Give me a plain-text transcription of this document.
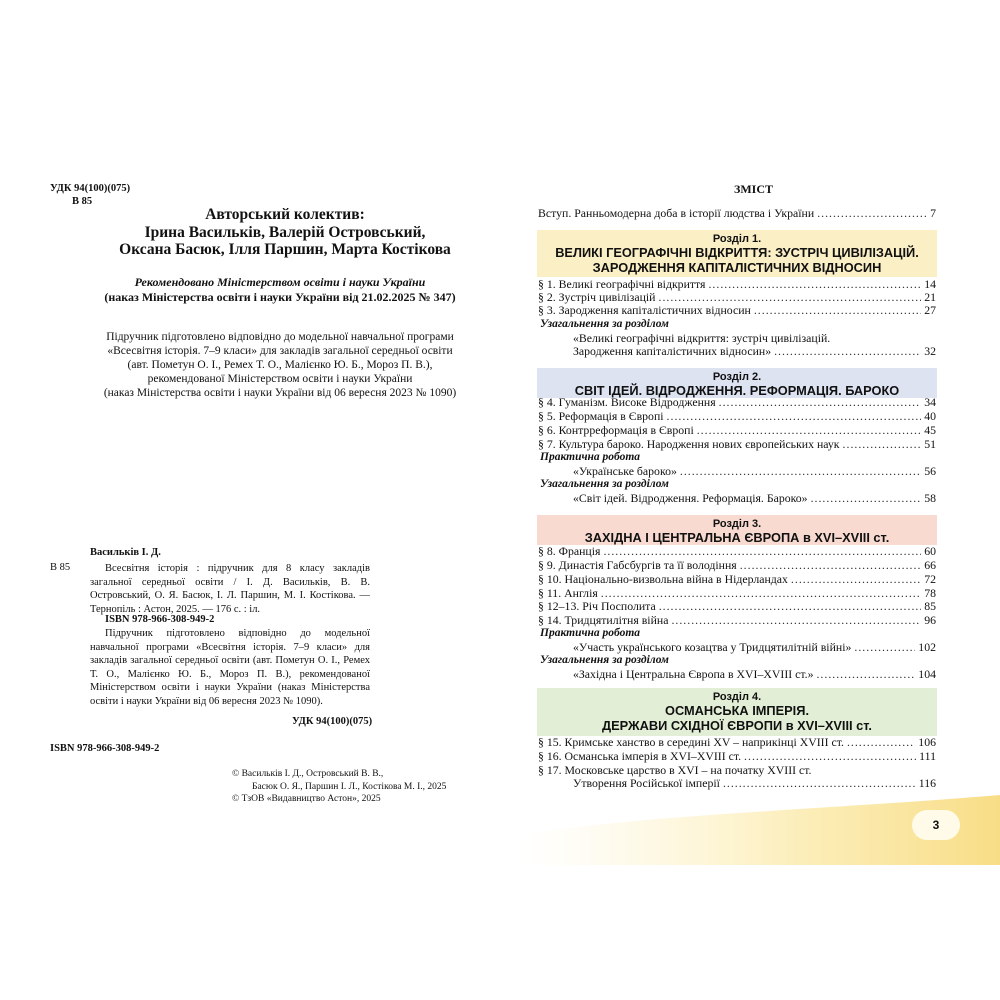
УДК 94(100)(075)
В 85
Авторський колектив:
Ірина Васильків, Валерій Островський,
Оксана Басюк, Ілля Паршин, Марта Костікова
Рекомендовано Міністерством освіти і науки України
(наказ Міністерства освіти і науки України від 21.02.2025 № 347)
Підручник підготовлено відповідно до модельної навчальної програми
«Всесвітня історія. 7–9 класи» для закладів загальної середньої освіти
(авт. Пометун О. І., Ремех Т. О., Малієнко Ю. Б., Мороз П. В.),
рекомендованої Міністерством освіти і науки України
(наказ Міністерства освіти і науки України від 06 вересня 2023 № 1090)
Васильків І. Д.
В 85	Всесвітня історія : підручник для 8 класу закладів загальної середньої освіти / І. Д. Васильків, В. В. Островський, О. Я. Басюк, І. Л. Паршин, М. І. Костікова. — Тернопіль : Астон, 2025. — 176 с. : іл.
ISBN 978-966-308-949-2
Підручник підготовлено відповідно до модельної навчальної програми «Всесвітня історія. 7–9 класи» для закладів загальної середньої освіти (авт. Пометун О. І., Ремех Т. О., Малієнко Ю. Б., Мороз П. В.), рекомендованої Міністерством освіти і науки України (наказ Міністерства освіти і науки України від 06 вересня 2023 № 1090).
УДК 94(100)(075)
ISBN 978-966-308-949-2
© Васильків І. Д., Островський В. В.,
Басюк О. Я., Паршин І. Л., Костікова М. І., 2025
© ТзОВ «Видавництво Астон», 2025
ЗМІСТ
Вступ. Ранньомодерна доба в історії людства і України .....	7
Розділ 1.
ВЕЛИКІ ГЕОГРАФІЧНІ ВІДКРИТТЯ: ЗУСТРІЧ ЦИВІЛІЗАЦІЙ.
ЗАРОДЖЕННЯ КАПІТАЛІСТИЧНИХ ВІДНОСИН
§ 1. Великі географічні відкриття .....	14
§ 2. Зустріч цивілізацій .....	21
§ 3. Зародження капіталістичних відносин .....	27
Узагальнення за розділом
«Великі географічні відкриття: зустріч цивілізацій.
Зародження капіталістичних відносин» .....	32
Розділ 2.
СВІТ ІДЕЙ. ВІДРОДЖЕННЯ. РЕФОРМАЦІЯ. БАРОКО
§ 4. Гуманізм. Високе Відродження .....	34
§ 5. Реформація в Європі .....	40
§ 6. Контрреформація в Європі .....	45
§ 7. Культура бароко. Народження нових європейських наук .....	51
Практична робота
«Українське бароко» .....	56
Узагальнення за розділом
«Світ ідей. Відродження. Реформація. Бароко» .....	58
Розділ 3.
ЗАХІДНА І ЦЕНТРАЛЬНА ЄВРОПА в XVI–XVIII ст.
§ 8. Франція .....	60
§ 9. Династія Габсбургів та її володіння .....	66
§ 10. Національно-визвольна війна в Нідерландах .....	72
§ 11. Англія .....	78
§ 12–13. Річ Посполита .....	85
§ 14. Тридцятилітня війна .....	96
Практична робота
«Участь українського козацтва у Тридцятилітній війні» .....	102
Узагальнення за розділом
«Західна і Центральна Європа в XVI–XVIII ст.» .....	104
Розділ 4.
ОСМАНСЬКА ІМПЕРІЯ.
ДЕРЖАВИ СХІДНОЇ ЄВРОПИ в XVI–XVIII ст.
§ 15. Кримське ханство в середині XV – наприкінці XVIII ст. .....	106
§ 16. Османська імперія в XVI–XVIII ст. .....	111
§ 17. Московське царство в XVI – на початку XVIII ст.
Утворення Російської імперії .....	116
3
